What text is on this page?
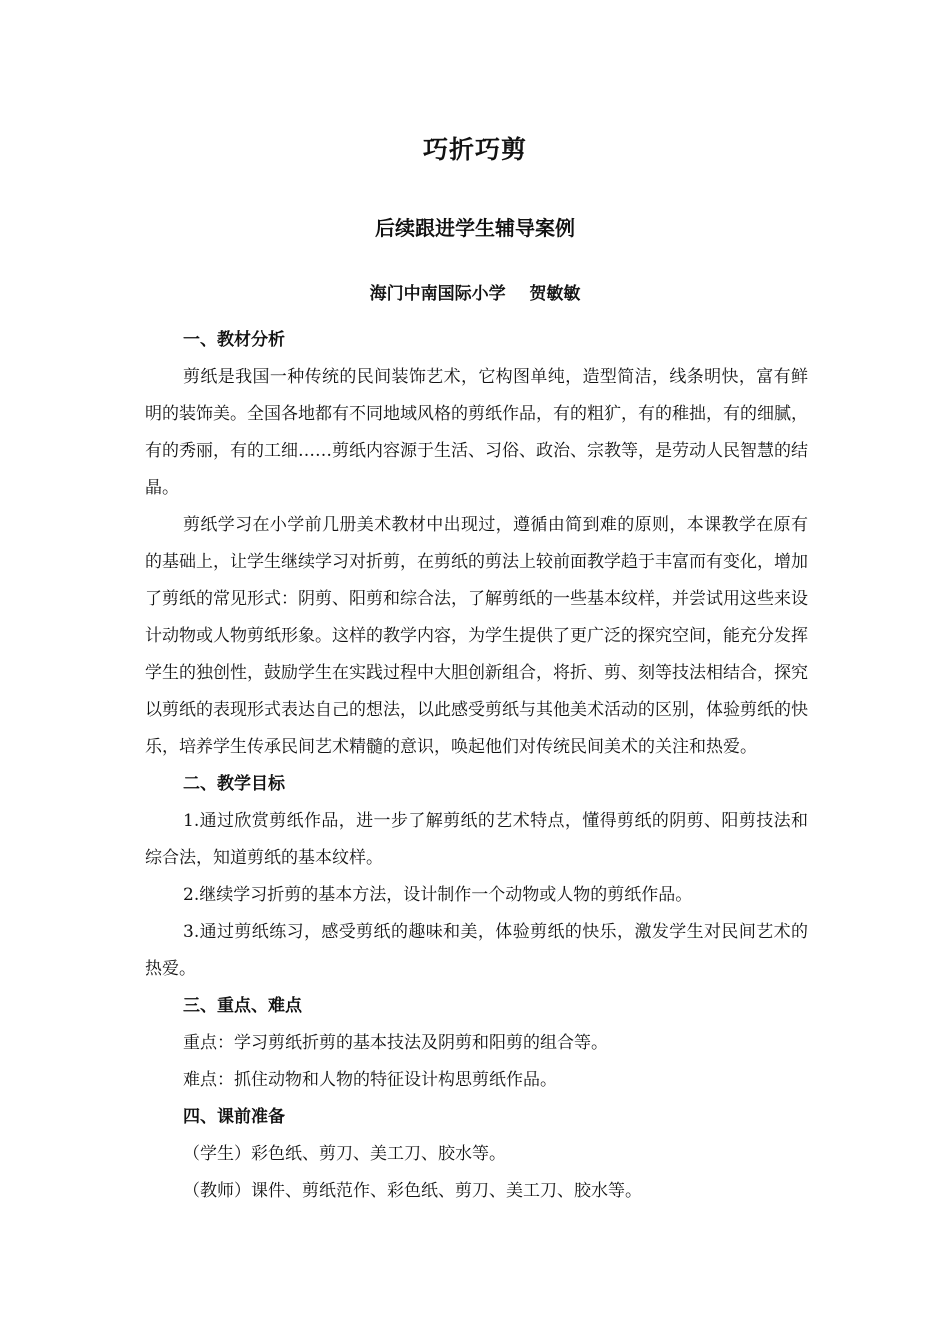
巧折巧剪
后续跟进学生辅导案例
海门中南国际小学    贺敏敏

一、教材分析

剪纸是我国一种传统的民间装饰艺术，它构图单纯，造型简洁，线条明快，富有鲜明的装饰美。全国各地都有不同地域风格的剪纸作品，有的粗犷，有的稚拙，有的细腻，有的秀丽，有的工细……剪纸内容源于生活、习俗、政治、宗教等，是劳动人民智慧的结晶。

剪纸学习在小学前几册美术教材中出现过，遵循由简到难的原则，本课教学在原有的基础上，让学生继续学习对折剪，在剪纸的剪法上较前面教学趋于丰富而有变化，增加了剪纸的常见形式：阴剪、阳剪和综合法，了解剪纸的一些基本纹样，并尝试用这些来设计动物或人物剪纸形象。这样的教学内容，为学生提供了更广泛的探究空间，能充分发挥学生的独创性，鼓励学生在实践过程中大胆创新组合，将折、剪、刻等技法相结合，探究以剪纸的表现形式表达自己的想法，以此感受剪纸与其他美术活动的区别，体验剪纸的快乐，培养学生传承民间艺术精髓的意识，唤起他们对传统民间美术的关注和热爱。

二、教学目标

1.通过欣赏剪纸作品，进一步了解剪纸的艺术特点，懂得剪纸的阴剪、阳剪技法和综合法，知道剪纸的基本纹样。

2.继续学习折剪的基本方法，设计制作一个动物或人物的剪纸作品。

3.通过剪纸练习，感受剪纸的趣味和美，体验剪纸的快乐，激发学生对民间艺术的热爱。

三、重点、难点

重点：学习剪纸折剪的基本技法及阴剪和阳剪的组合等。

难点：抓住动物和人物的特征设计构思剪纸作品。

四、课前准备

（学生）彩色纸、剪刀、美工刀、胶水等。

（教师）课件、剪纸范作、彩色纸、剪刀、美工刀、胶水等。
